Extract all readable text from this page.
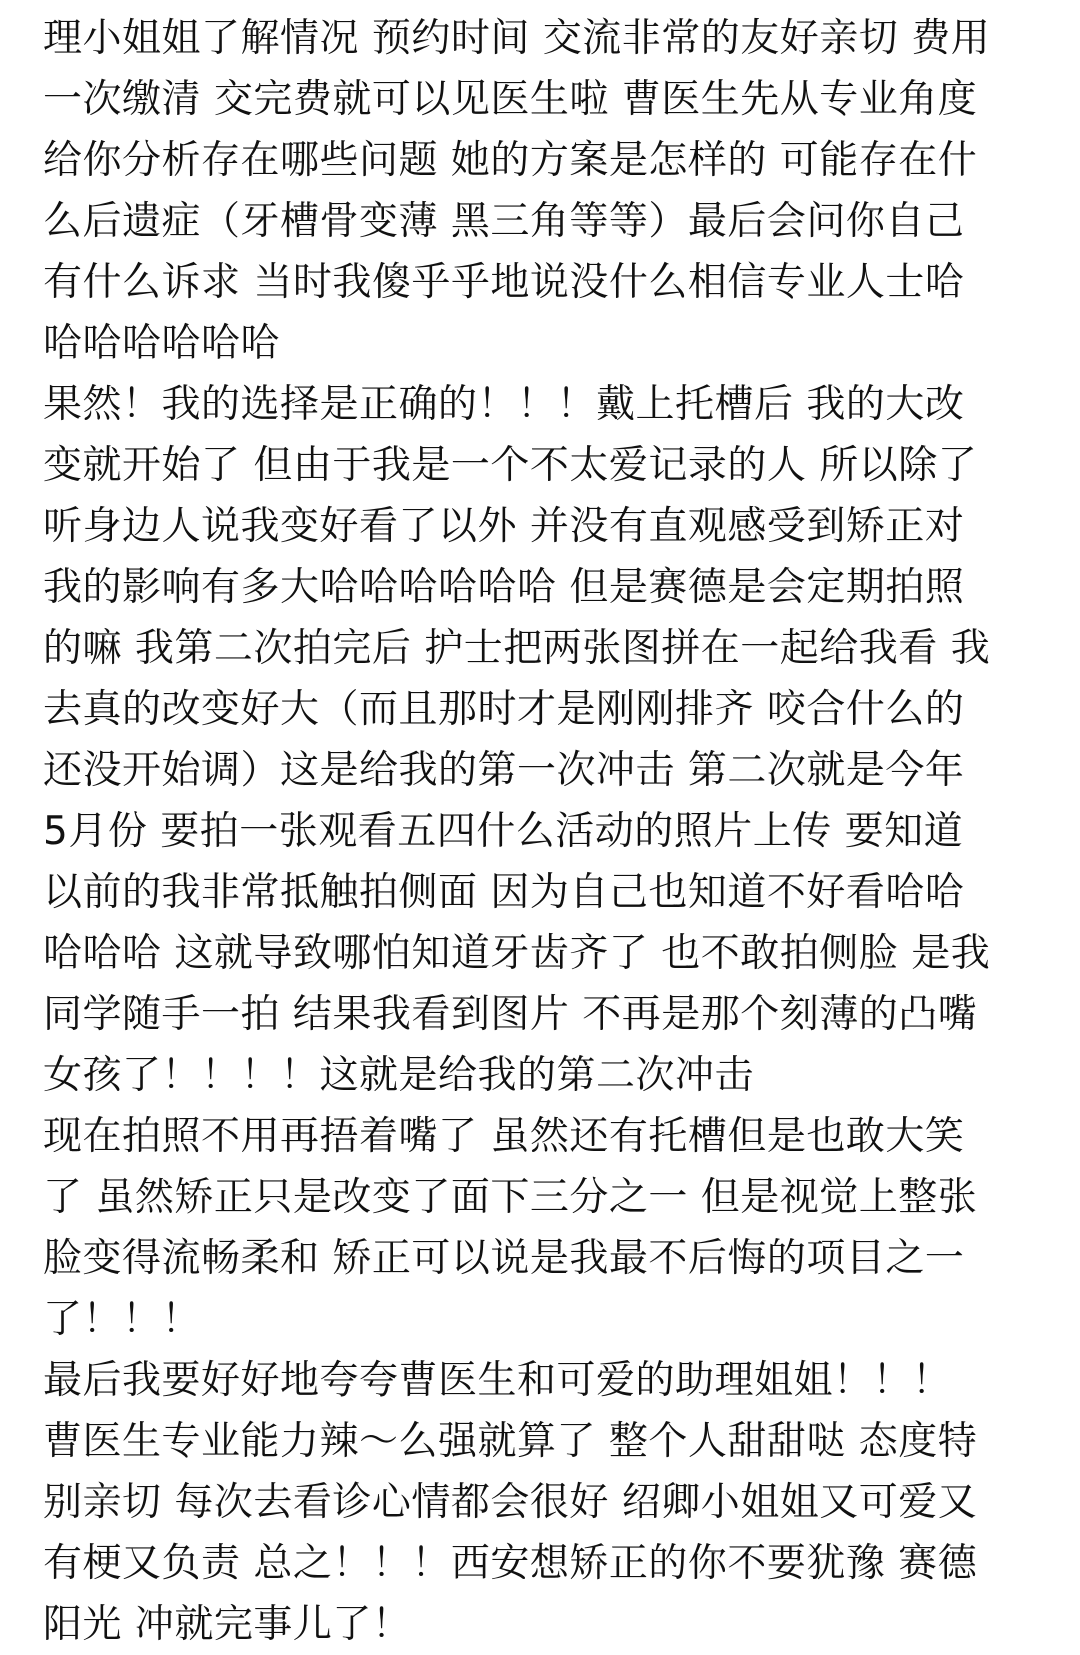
理小姐姐了解情况 预约时间 交流非常的友好亲切 费用
一次缴清 交完费就可以见医生啦 曹医生先从专业角度
给你分析存在哪些问题 她的方案是怎样的 可能存在什
么后遗症（牙槽骨变薄 黑三角等等）最后会问你自己
有什么诉求 当时我傻乎乎地说没什么相信专业人士哈
哈哈哈哈哈哈
果然！我的选择是正确的！！！戴上托槽后 我的大改
变就开始了 但由于我是一个不太爱记录的人 所以除了
听身边人说我变好看了以外 并没有直观感受到矫正对
我的影响有多大哈哈哈哈哈哈 但是赛德是会定期拍照
的嘛 我第二次拍完后 护士把两张图拼在一起给我看 我
去真的改变好大（而且那时才是刚刚排齐 咬合什么的
还没开始调）这是给我的第一次冲击 第二次就是今年
5月份 要拍一张观看五四什么活动的照片上传 要知道
以前的我非常抵触拍侧面 因为自己也知道不好看哈哈
哈哈哈 这就导致哪怕知道牙齿齐了 也不敢拍侧脸 是我
同学随手一拍 结果我看到图片 不再是那个刻薄的凸嘴
女孩了！！！！这就是给我的第二次冲击
现在拍照不用再捂着嘴了 虽然还有托槽但是也敢大笑
了 虽然矫正只是改变了面下三分之一 但是视觉上整张
脸变得流畅柔和 矫正可以说是我最不后悔的项目之一
了！！！
最后我要好好地夸夸曹医生和可爱的助理姐姐！！！
曹医生专业能力辣～么强就算了 整个人甜甜哒 态度特
别亲切 每次去看诊心情都会很好 绍卿小姐姐又可爱又
有梗又负责 总之！！！西安想矫正的你不要犹豫 赛德
阳光 冲就完事儿了！
